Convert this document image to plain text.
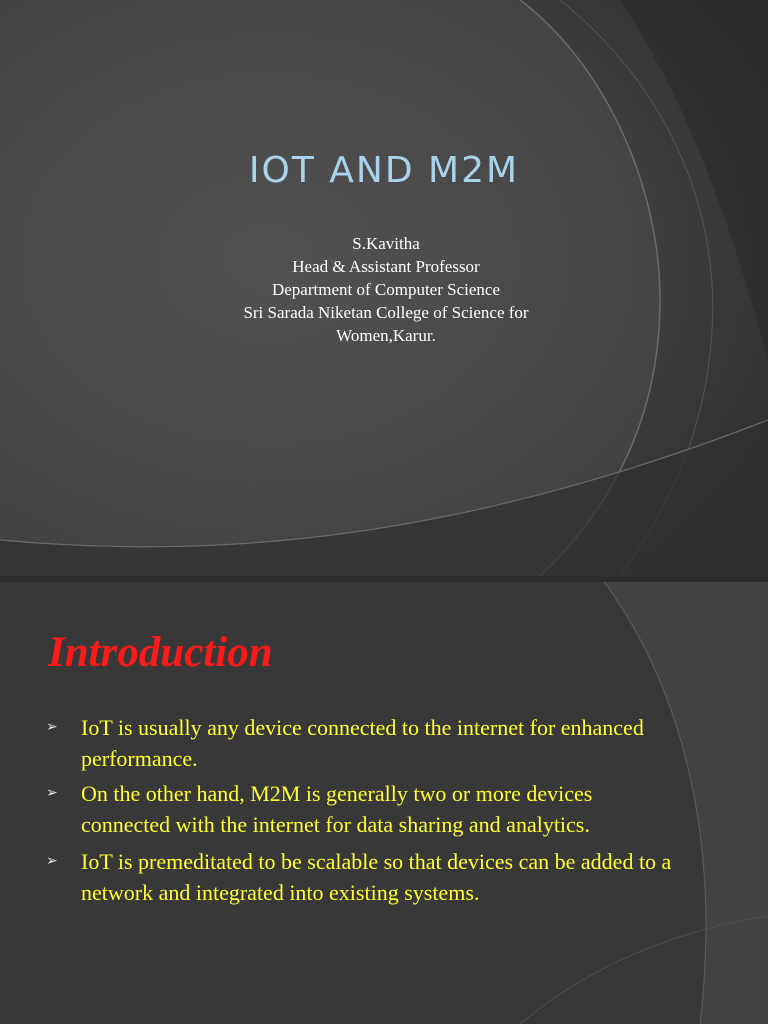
IOT AND M2M
S.Kavitha
Head & Assistant Professor
Department of Computer Science
Sri Sarada Niketan College of Science for
Women,Karur.
Introduction
➢ IoT is usually any device connected to the internet for enhanced performance.
➢ On the other hand, M2M is generally two or more devices connected with the internet for data sharing and analytics.
➢ IoT is premeditated to be scalable so that devices can be added to a network and integrated into existing systems.
